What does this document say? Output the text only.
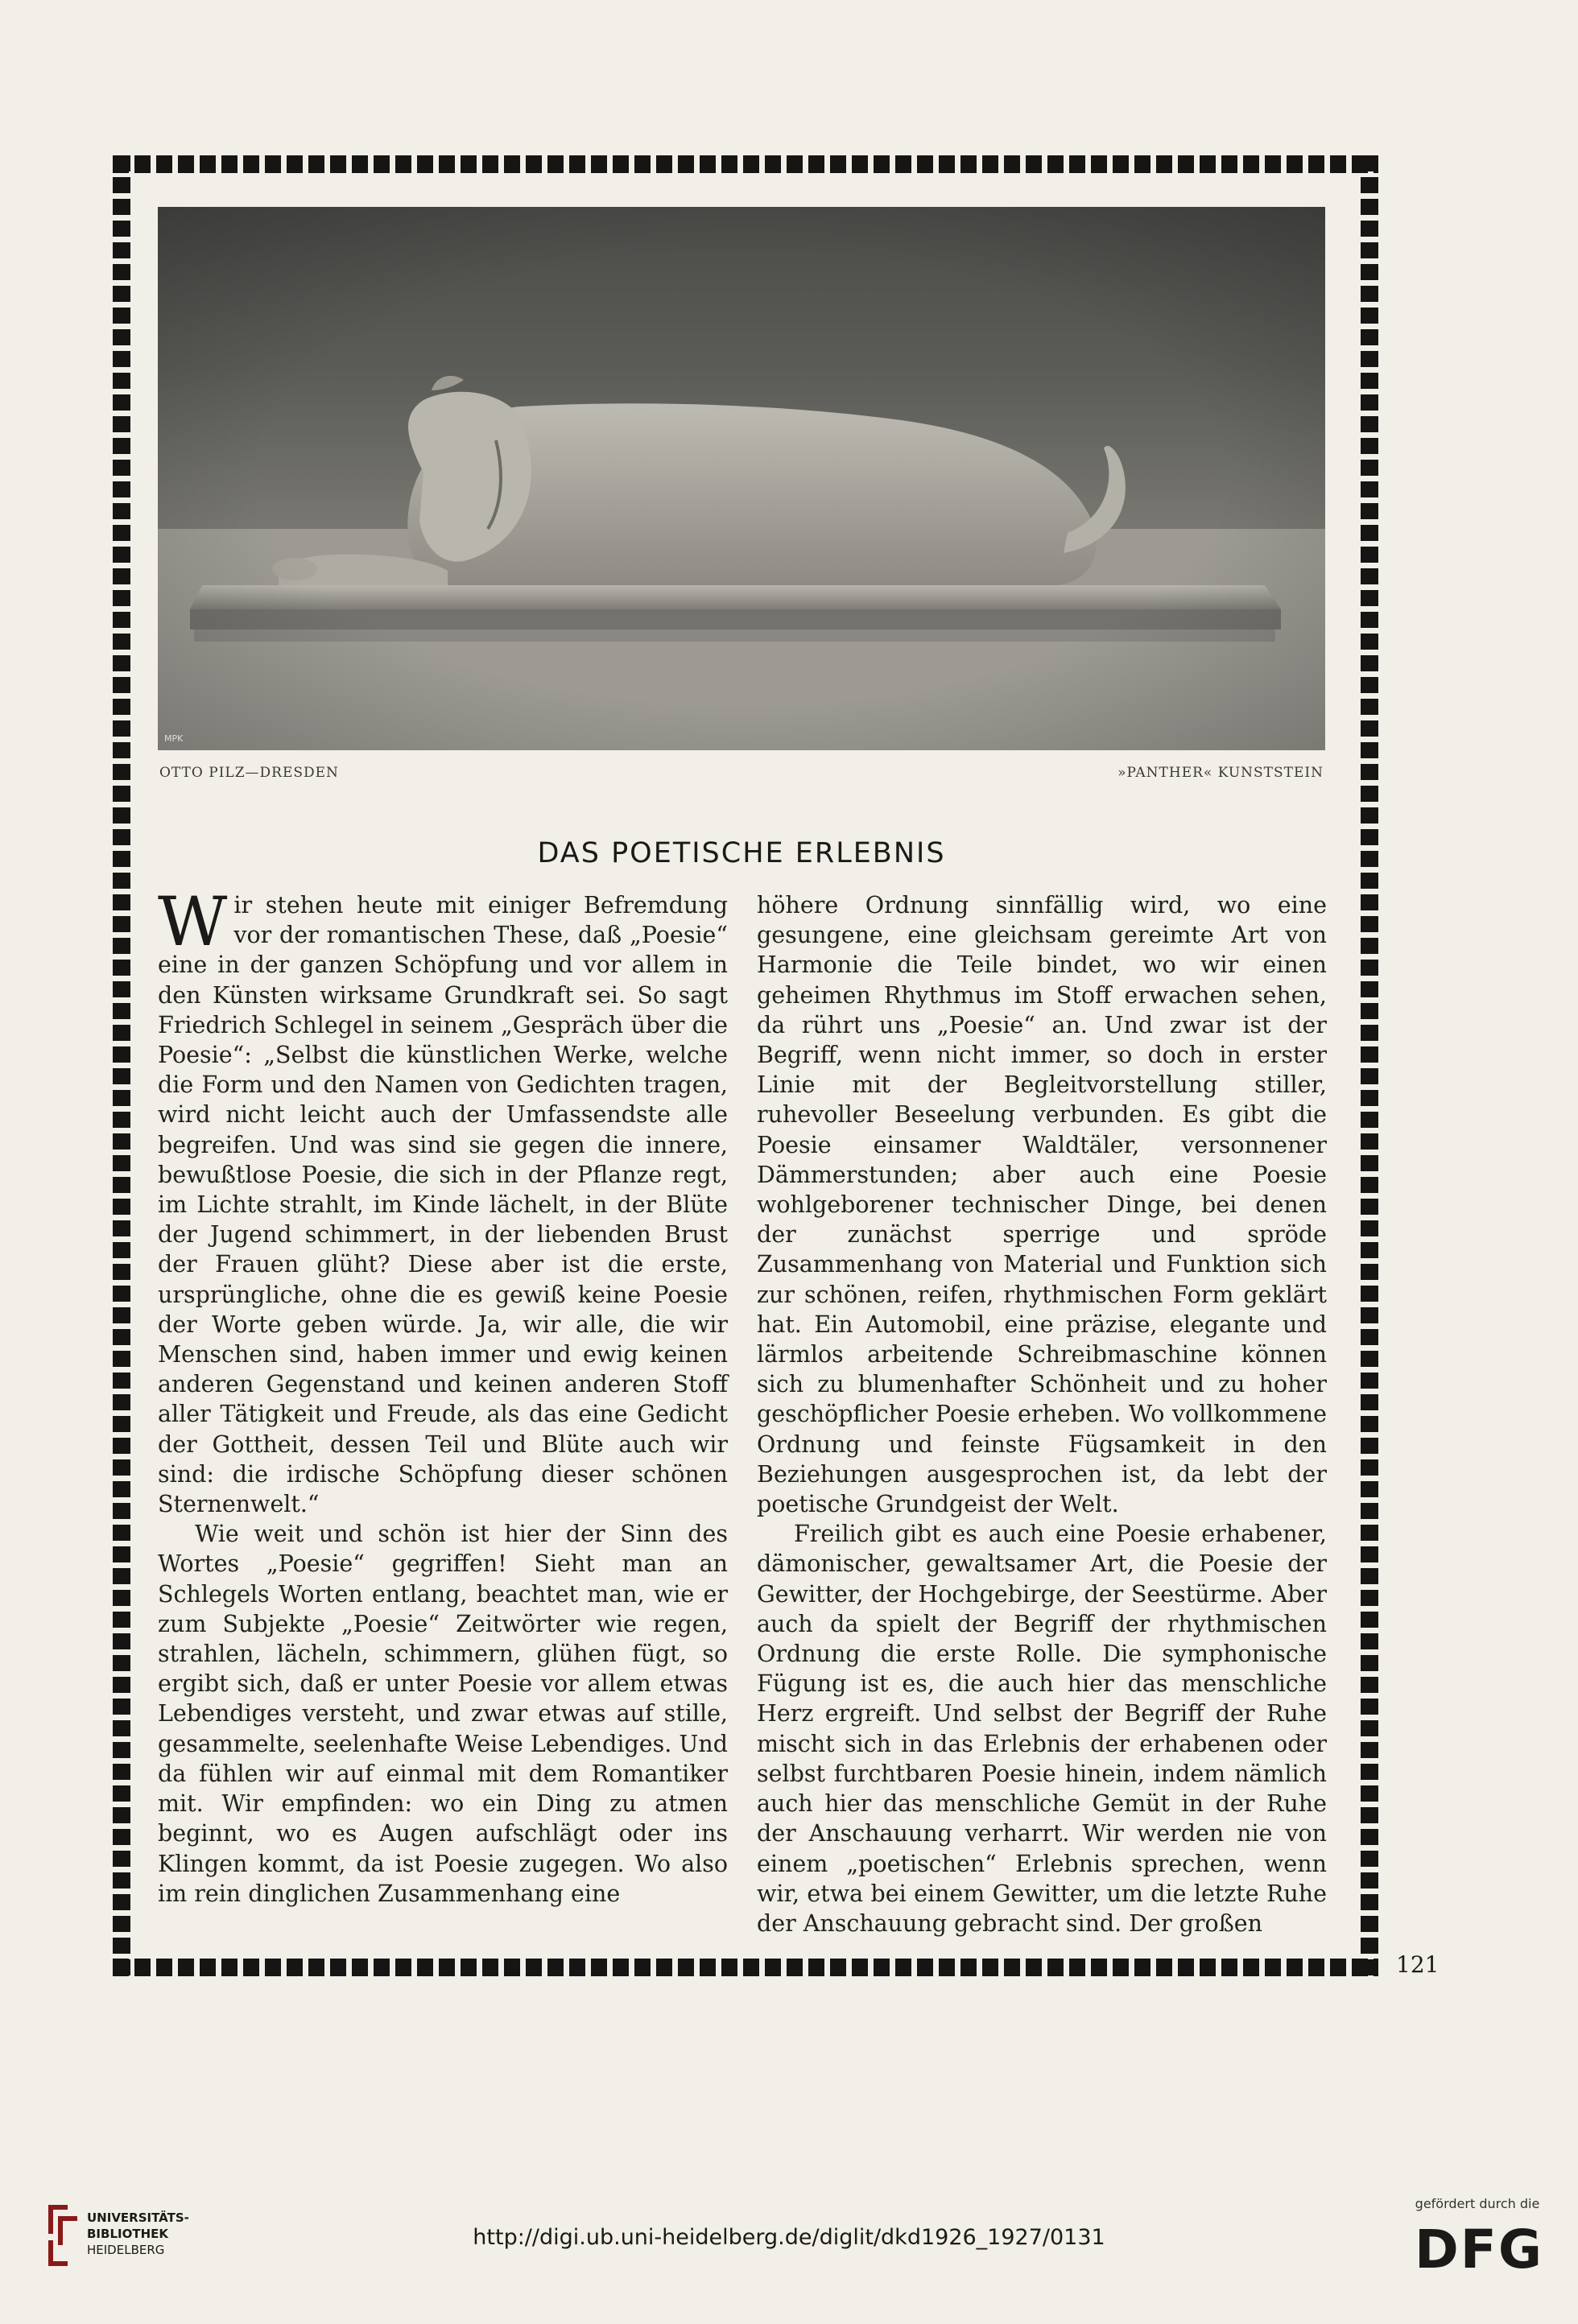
MPK
OTTO PILZ—DRESDEN	»PANTHER« KUNSTSTEIN
DAS POETISCHE ERLEBNIS

Wir stehen heute mit einiger Befremdung vor der romantischen These, daß „Poesie“ eine in der ganzen Schöpfung und vor allem in den Künsten wirksame Grundkraft sei. So sagt Friedrich Schlegel in seinem „Gespräch über die Poesie“: „Selbst die künstlichen Werke, welche die Form und den Namen von Gedichten tragen, wird nicht leicht auch der Umfassendste alle begreifen. Und was sind sie gegen die innere, bewußtlose Poesie, die sich in der Pflanze regt, im Lichte strahlt, im Kinde lächelt, in der Blüte der Jugend schimmert, in der liebenden Brust der Frauen glüht? Diese aber ist die erste, ursprüngliche, ohne die es gewiß keine Poesie der Worte geben würde. Ja, wir alle, die wir Menschen sind, haben immer und ewig keinen anderen Gegenstand und keinen anderen Stoff aller Tätigkeit und Freude, als das eine Gedicht der Gottheit, dessen Teil und Blüte auch wir sind: die irdische Schöpfung dieser schönen Sternenwelt.“

Wie weit und schön ist hier der Sinn des Wortes „Poesie“ gegriffen! Sieht man an Schlegels Worten entlang, beachtet man, wie er zum Subjekte „Poesie“ Zeitwörter wie regen, strahlen, lächeln, schimmern, glühen fügt, so ergibt sich, daß er unter Poesie vor allem etwas Lebendiges versteht, und zwar etwas auf stille, gesammelte, seelenhafte Weise Lebendiges. Und da fühlen wir auf einmal mit dem Romantiker mit. Wir empfinden: wo ein Ding zu atmen beginnt, wo es Augen aufschlägt oder ins Klingen kommt, da ist Poesie zugegen. Wo also im rein dinglichen Zusammenhang eine

höhere Ordnung sinnfällig wird, wo eine gesungene, eine gleichsam gereimte Art von Harmonie die Teile bindet, wo wir einen geheimen Rhythmus im Stoff erwachen sehen, da rührt uns „Poesie“ an. Und zwar ist der Begriff, wenn nicht immer, so doch in erster Linie mit der Begleitvorstellung stiller, ruhevoller Beseelung verbunden. Es gibt die Poesie einsamer Waldtäler, versonnener Dämmerstunden; aber auch eine Poesie wohlgeborener technischer Dinge, bei denen der zunächst sperrige und spröde Zusammenhang von Material und Funktion sich zur schönen, reifen, rhythmischen Form geklärt hat. Ein Automobil, eine präzise, elegante und lärmlos arbeitende Schreibmaschine können sich zu blumenhafter Schönheit und zu hoher geschöpflicher Poesie erheben. Wo vollkommene Ordnung und feinste Fügsamkeit in den Beziehungen ausgesprochen ist, da lebt der poetische Grundgeist der Welt.

Freilich gibt es auch eine Poesie erhabener, dämonischer, gewaltsamer Art, die Poesie der Gewitter, der Hochgebirge, der Seestürme. Aber auch da spielt der Begriff der rhythmischen Ordnung die erste Rolle. Die symphonische Fügung ist es, die auch hier das menschliche Herz ergreift. Und selbst der Begriff der Ruhe mischt sich in das Erlebnis der erhabenen oder selbst furchtbaren Poesie hinein, indem nämlich auch hier das menschliche Gemüt in der Ruhe der Anschauung verharrt. Wir werden nie von einem „poetischen“ Erlebnis sprechen, wenn wir, etwa bei einem Gewitter, um die letzte Ruhe der Anschauung gebracht sind. Der großen

121
UNIVERSITÄTS-
BIBLIOTHEK
HEIDELBERG	http://digi.ub.uni-heidelberg.de/diglit/dkd1926_1927/0131
gefördert durch die
DFG
